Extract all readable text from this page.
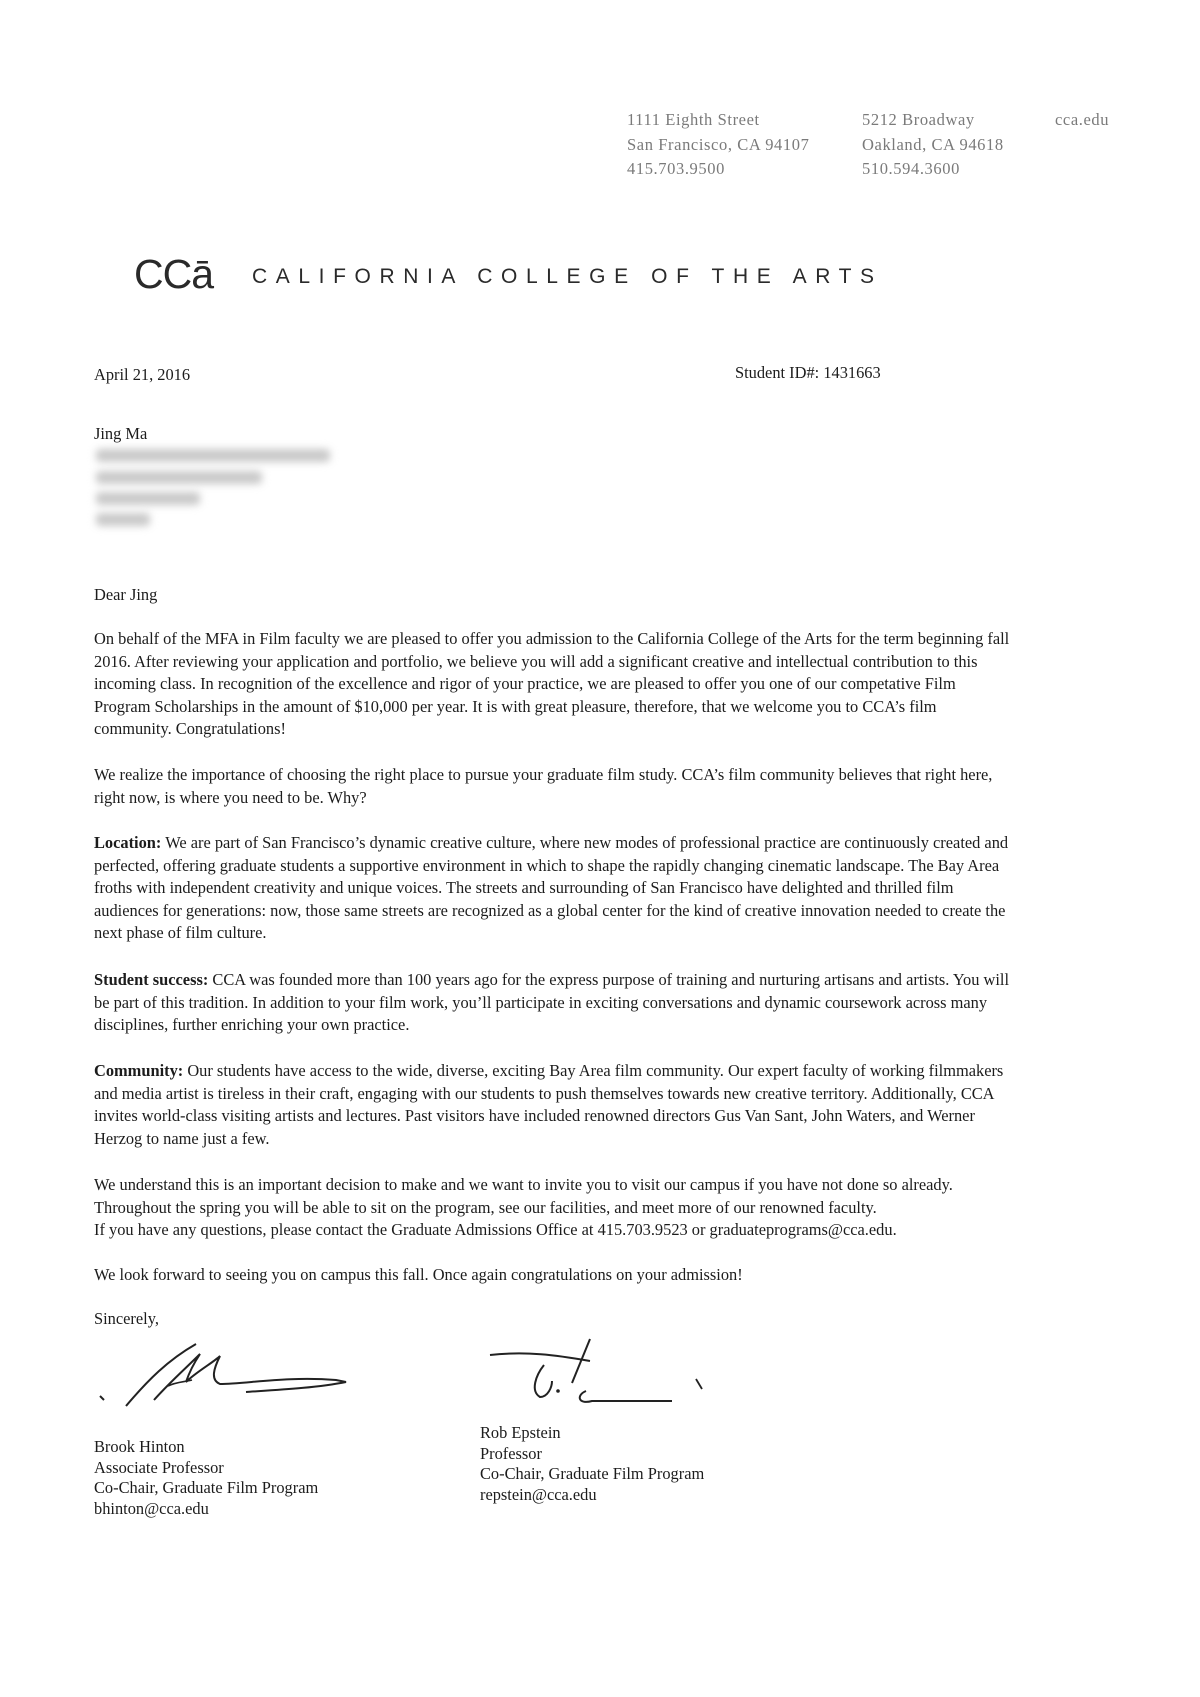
1111 Eighth Street
San Francisco, CA 94107
415.703.9500
5212 Broadway
Oakland, CA 94618
510.594.3600
cca.edu
CCā CALIFORNIA COLLEGE OF THE ARTS
April 21, 2016	Student ID#: 1431663
Jing Ma
Dear Jing

On behalf of the MFA in Film faculty we are pleased to offer you admission to the California College of the Arts for the term beginning fall 2016. After reviewing your application and portfolio, we believe you will add a significant creative and intellectual contribution to this incoming class. In recognition of the excellence and rigor of your practice, we are pleased to offer you one of our competative Film Program Scholarships in the amount of $10,000 per year. It is with great pleasure, therefore, that we welcome you to CCA’s film community. Congratulations!

We realize the importance of choosing the right place to pursue your graduate film study. CCA’s film community believes that right here, right now, is where you need to be. Why?

Location: We are part of San Francisco’s dynamic creative culture, where new modes of professional practice are continuously created and perfected, offering graduate students a supportive environment in which to shape the rapidly changing cinematic landscape. The Bay Area froths with independent creativity and unique voices. The streets and surrounding of San Francisco have delighted and thrilled film audiences for generations: now, those same streets are recognized as a global center for the kind of creative innovation needed to create the next phase of film culture.

Student success: CCA was founded more than 100 years ago for the express purpose of training and nurturing artisans and artists. You will be part of this tradition. In addition to your film work, you’ll participate in exciting conversations and dynamic coursework across many disciplines, further enriching your own practice.

Community: Our students have access to the wide, diverse, exciting Bay Area film community. Our expert faculty of working filmmakers and media artist is tireless in their craft, engaging with our students to push themselves towards new creative territory. Additionally, CCA invites world-class visiting artists and lectures. Past visitors have included renowned directors Gus Van Sant, John Waters, and Werner Herzog to name just a few.

We understand this is an important decision to make and we want to invite you to visit our campus if you have not done so already.
Throughout the spring you will be able to sit on the program, see our facilities, and meet more of our renowned faculty.
If you have any questions, please contact the Graduate Admissions Office at 415.703.9523 or graduateprograms@cca.edu.

We look forward to seeing you on campus this fall. Once again congratulations on your admission!

Sincerely,
Brook Hinton
Associate Professor
Co-Chair, Graduate Film Program
bhinton@cca.edu
Rob Epstein
Professor
Co-Chair, Graduate Film Program
repstein@cca.edu
